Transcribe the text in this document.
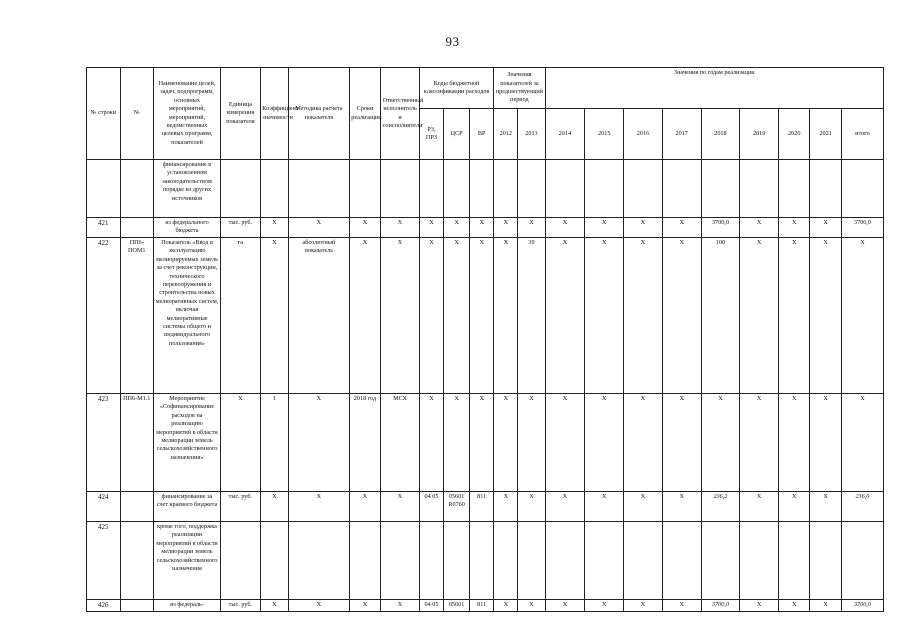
93
№ строки	№	Наименование целей, задач, подпрограмм, основных мероприятий, мероприятий, ведомственных целевых программ, показателей	Единица измерения показателя	Коэффициент значимости	Методика расчета показателя	Сроки реализации	Ответственный исполнитель и соисполнители	Коды бюджетной классификации расходов			Значения показателей за предшествующий период		Значения по годам реализации								
								РЗ, ПРЗ	ЦСР	ВР	2012	2013	2014	2015	2016	2017	2018	2019	2020	2021	итого
		финансирование в установленном законодательством порядке из других источников																			
421		из федерального бюджета	тыс. руб.	X	X	X	X	X	X	X	X	X	X	X	X	X	3700,0	X	X	X	3700,0
422	ПП6-ПОМ1	Показатель «Ввод в эксплуатацию мелиорируемых земель за счет реконструкции, технического перевооружения и строительства новых мелиоративных систем, включая мелиоративные системы общего и индивидуального пользования»	га	X	абсолютный показатель	X	X	X	X	X	X	39	X	X	X	X	100	X	X	X	X
423	ПП6-М1.1	Мероприятие «Софинансирование расходов на реализацию мероприятий в области мелиорации земель сельскохозяйственного назначения»	X	1	X	2018 год	МСХ	X	X	X	X	X	X	X	X	X	X	X	X	X	X
424		финансирование за счет краевого бюджета	тыс. руб.	X	X	X	X	04 05	05601 R0760	811	X	X	X	X	X	X	236,2	X	X	X	236,0
425		кроме того, поддержка реализации мероприятий в области мелиорации земель сельскохозяйственного назначения																			
426		из федераль-	тыс. руб.	X	X	X	X	04 05	05601	811	X	X	X	X	X	X	3700,0	X	X	X	3700,0
